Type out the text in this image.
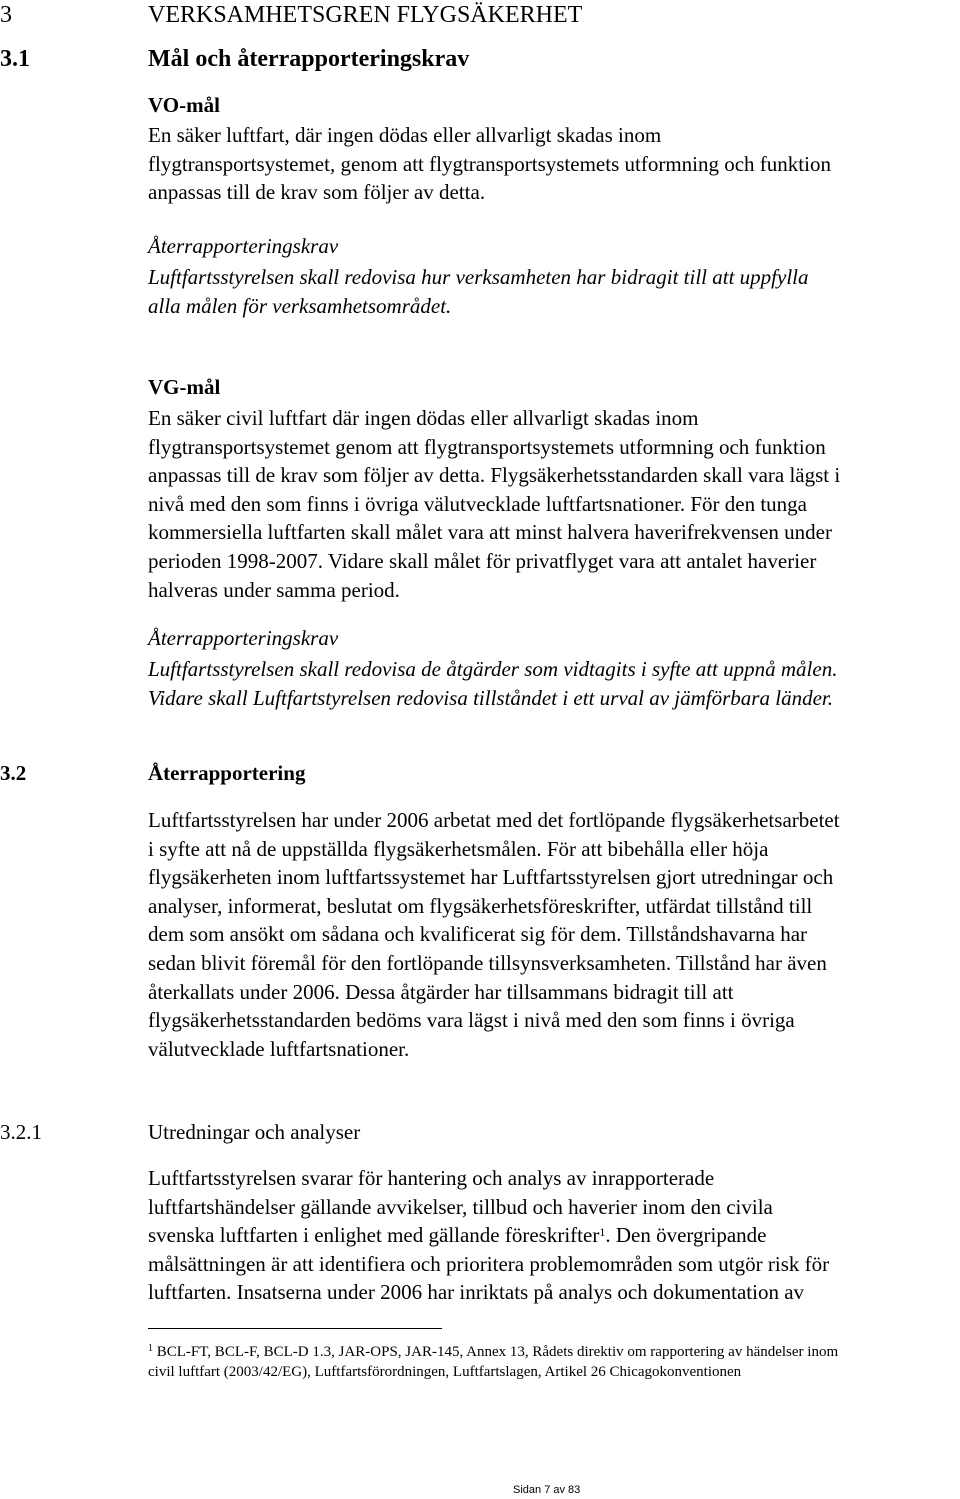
3	VERKSAMHETSGREN FLYGSÄKERHET
3.1	Mål och återrapporteringskrav
VO-mål
En säker luftfart, där ingen dödas eller allvarligt skadas inom
flygtransportsystemet, genom att flygtransportsystemets utformning och funktion
anpassas till de krav som följer av detta.
Återrapporteringskrav
Luftfartsstyrelsen skall redovisa hur verksamheten har bidragit till att uppfylla
alla målen för verksamhetsområdet.
VG-mål
En säker civil luftfart där ingen dödas eller allvarligt skadas inom
flygtransportsystemet genom att flygtransportsystemets utformning och funktion
anpassas till de krav som följer av detta. Flygsäkerhetsstandarden skall vara lägst i
nivå med den som finns i övriga välutvecklade luftfartsnationer. För den tunga
kommersiella luftfarten skall målet vara att minst halvera haverifrekvensen under
perioden 1998-2007. Vidare skall målet för privatflyget vara att antalet haverier
halveras under samma period.
Återrapporteringskrav
Luftfartsstyrelsen skall redovisa de åtgärder som vidtagits i syfte att uppnå målen.
Vidare skall Luftfartstyrelsen redovisa tillståndet i ett urval av jämförbara länder.
3.2	Återrapportering
Luftfartsstyrelsen har under 2006 arbetat med det fortlöpande flygsäkerhetsarbetet
i syfte att nå de uppställda flygsäkerhetsmålen. För att bibehålla eller höja
flygsäkerheten inom luftfartssystemet har Luftfartsstyrelsen gjort utredningar och
analyser, informerat, beslutat om flygsäkerhetsföreskrifter, utfärdat tillstånd till
dem som ansökt om sådana och kvalificerat sig för dem. Tillståndshavarna har
sedan blivit föremål för den fortlöpande tillsynsverksamheten. Tillstånd har även
återkallats under 2006. Dessa åtgärder har tillsammans bidragit till att
flygsäkerhetsstandarden bedöms vara lägst i nivå med den som finns i övriga
välutvecklade luftfartsnationer.
3.2.1	Utredningar och analyser
Luftfartsstyrelsen svarar för hantering och analys av inrapporterade
luftfartshändelser gällande avvikelser, tillbud och haverier inom den civila
svenska luftfarten i enlighet med gällande föreskrifter$^1$. Den övergripande
målsättningen är att identifiera och prioritera problemområden som utgör risk för
luftfarten. Insatserna under 2006 har inriktats på analys och dokumentation av
$^1$ BCL-FT, BCL-F, BCL-D 1.3, JAR-OPS, JAR-145, Annex 13, Rådets direktiv om rapportering av händelser inom
civil luftfart (2003/42/EG), Luftfartsförordningen, Luftfartslagen, Artikel 26 Chicagokonventionen
Sidan 7 av 83
